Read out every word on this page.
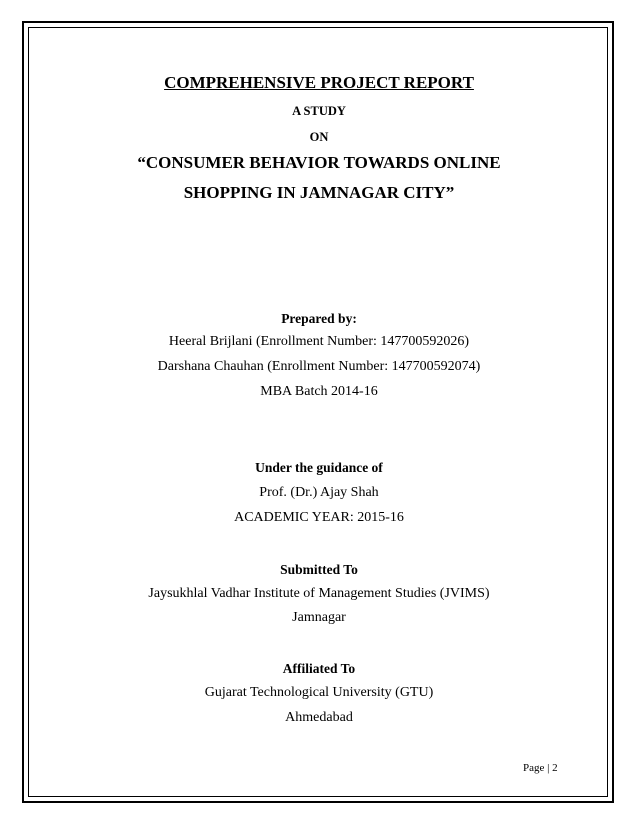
COMPREHENSIVE PROJECT REPORT
A STUDY
ON
“CONSUMER BEHAVIOR TOWARDS ONLINE
SHOPPING IN JAMNAGAR CITY”
Prepared by:
Heeral Brijlani (Enrollment Number: 147700592026)
Darshana Chauhan (Enrollment Number: 147700592074)
MBA Batch 2014-16
Under the guidance of
Prof. (Dr.) Ajay Shah
ACADEMIC YEAR: 2015-16
Submitted To
Jaysukhlal Vadhar Institute of Management Studies (JVIMS)
Jamnagar
Affiliated To
Gujarat Technological University (GTU)
Ahmedabad
Page | 2
